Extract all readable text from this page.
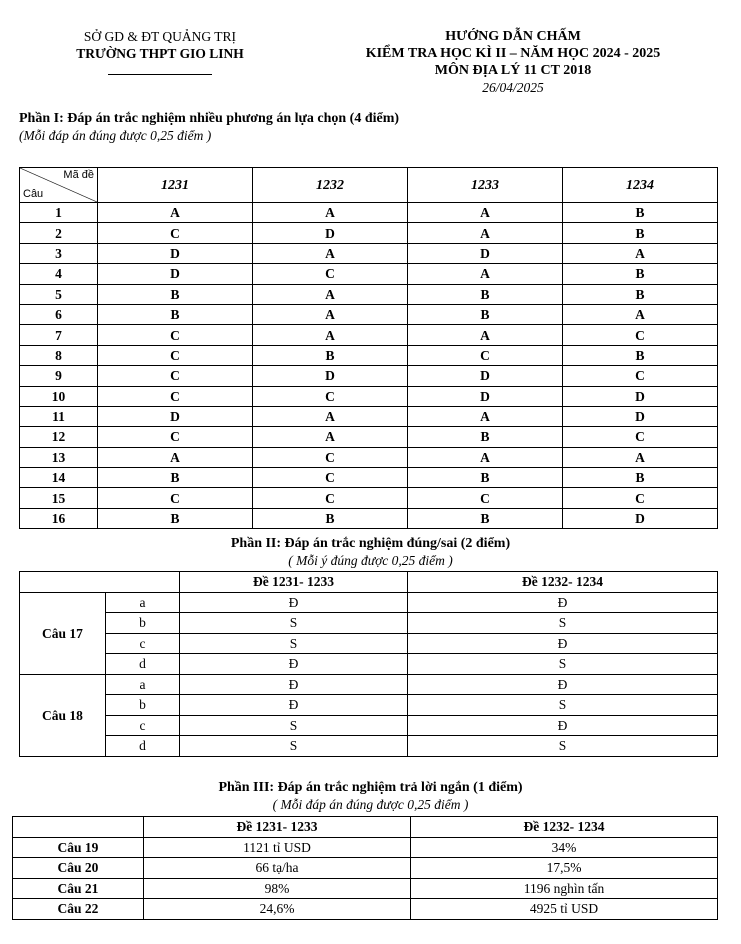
SỞ GD & ĐT QUẢNG TRỊ
TRƯỜNG THPT GIO LINH
HƯỚNG DẪN CHẤM
KIỂM TRA HỌC KÌ II – NĂM HỌC 2024 - 2025
MÔN ĐỊA LÝ 11 CT 2018
26/04/2025
Phần I: Đáp án trắc nghiệm nhiều phương án lựa chọn (4 điểm)
(Mỗi đáp án đúng được 0,25 điểm )
Mã đề
Câu	1231	1232	1233	1234
1	A	A	A	B
2	C	D	A	B
3	D	A	D	A
4	D	C	A	B
5	B	A	B	B
6	B	A	B	A
7	C	A	A	C
8	C	B	C	B
9	C	D	D	C
10	C	C	D	D
11	D	A	A	D
12	C	A	B	C
13	A	C	A	A
14	B	C	B	B
15	C	C	C	C
16	B	B	B	D
Phần II: Đáp án trắc nghiệm đúng/sai (2 điểm)
( Mỗi ý đúng được 0,25 điểm )
		Đề 1231- 1233	Đề 1232- 1234
Câu 17	a	Đ	Đ
	b	S	S
	c	S	Đ
	d	Đ	S
Câu 18	a	Đ	Đ
	b	Đ	S
	c	S	Đ
	d	S	S
Phần III: Đáp án trắc nghiệm trả lời ngắn (1 điểm)
( Mỗi đáp án đúng được 0,25 điểm )
	Đề 1231- 1233	Đề 1232- 1234
Câu 19	1121 tỉ USD	34%
Câu 20	66 tạ/ha	17,5%
Câu 21	98%	1196 nghìn tấn
Câu 22	24,6%	4925 tỉ USD
